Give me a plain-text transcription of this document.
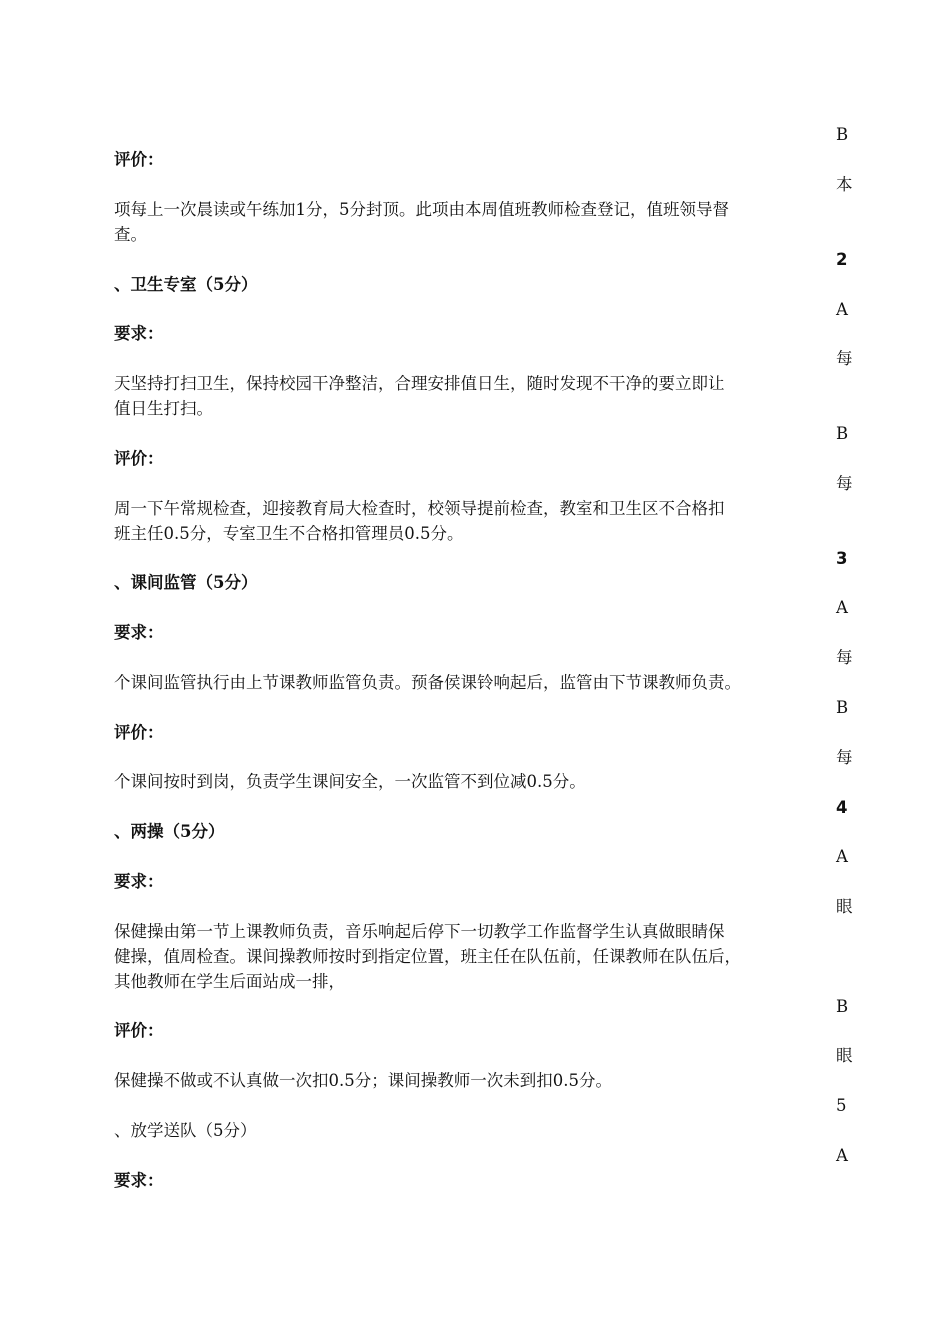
B
本
2
A
每
B
每
3
A
每
B
每
4
A
眼
B
眼
5
A
评价：
项每上一次晨读或午练加1分，5分封顶。此项由本周值班教师检查登记，值班领导督
查。
、卫生专室（5分）
要求：
天坚持打扫卫生，保持校园干净整洁，合理安排值日生，随时发现不干净的要立即让
值日生打扫。
评价：
周一下午常规检查，迎接教育局大检查时，校领导提前检查，教室和卫生区不合格扣
班主任0.5分，专室卫生不合格扣管理员0.5分。
、课间监管（5分）
要求：
个课间监管执行由上节课教师监管负责。预备侯课铃响起后，监管由下节课教师负责。
评价：
个课间按时到岗，负责学生课间安全，一次监管不到位减0.5分。
、两操（5分）
要求：
保健操由第一节上课教师负责，音乐响起后停下一切教学工作监督学生认真做眼睛保
健操，值周检查。课间操教师按时到指定位置，班主任在队伍前，任课教师在队伍后，
其他教师在学生后面站成一排，
评价：
保健操不做或不认真做一次扣0.5分；课间操教师一次未到扣0.5分。
、放学送队（5分）
要求：
